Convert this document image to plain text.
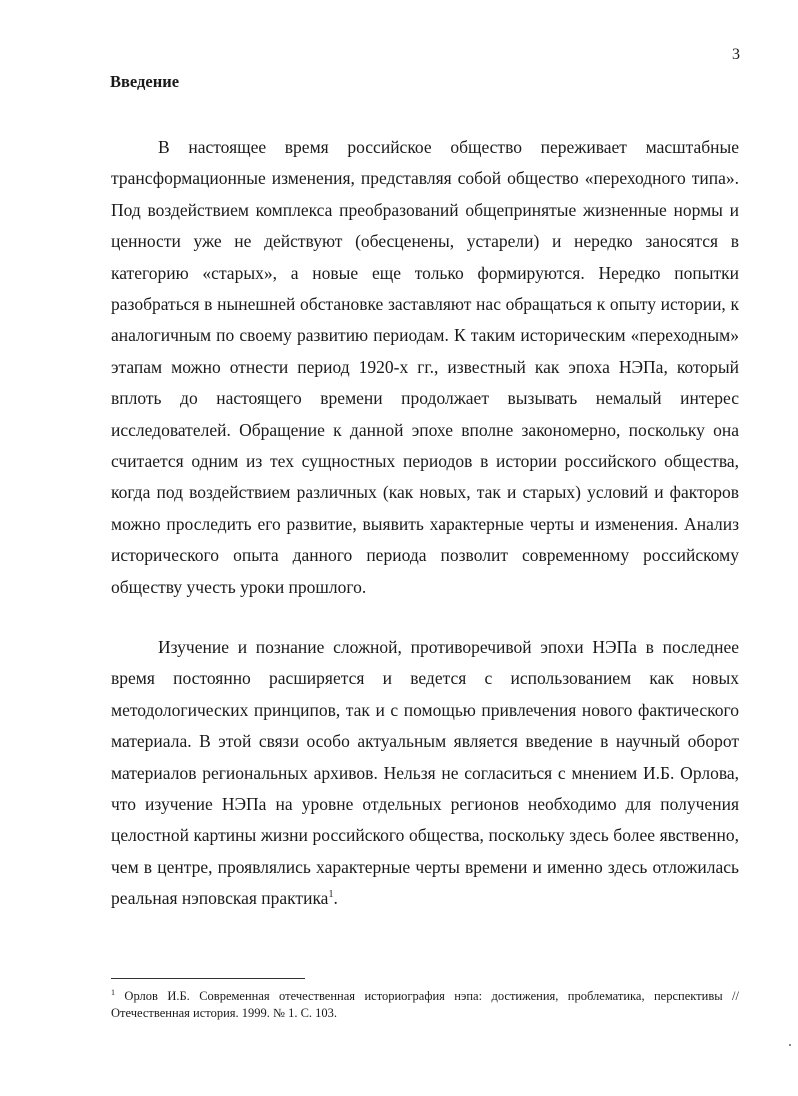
3
Введение

В настоящее время российское общество переживает масштабные трансформационные изменения, представляя собой общество «переходного типа». Под воздействием комплекса преобразований общепринятые жизненные нормы и ценности уже не действуют (обесценены, устарели) и нередко заносятся в категорию «старых», а новые еще только формируются. Нередко попытки разобраться в нынешней обстановке заставляют нас обращаться к опыту истории, к аналогичным по своему развитию периодам. К таким историческим «переходным» этапам можно отнести период 1920-х гг., известный как эпоха НЭПа, который вплоть до настоящего времени продолжает вызывать немалый интерес исследователей. Обращение к данной эпохе вполне закономерно, поскольку она считается одним из тех сущностных периодов в истории российского общества, когда под воздействием различных (как новых, так и старых) условий и факторов можно проследить его развитие, выявить характерные черты и изменения. Анализ исторического опыта данного периода позволит современному российскому обществу учесть уроки прошлого.

Изучение и познание сложной, противоречивой эпохи НЭПа в последнее время постоянно расширяется и ведется с использованием как новых методологических принципов, так и с помощью привлечения нового фактического материала. В этой связи особо актуальным является введение в научный оборот материалов региональных архивов. Нельзя не согласиться с мнением И.Б. Орлова, что изучение НЭПа на уровне отдельных регионов необходимо для получения целостной картины жизни российского общества, поскольку здесь более явственно, чем в центре, проявлялись характерные черты времени и именно здесь отложилась реальная нэповская практика$^1$.

$^1$ Орлов И.Б. Современная отечественная историография нэпа: достижения, проблематика, перспективы // Отечественная история. 1999. № 1. С. 103.
